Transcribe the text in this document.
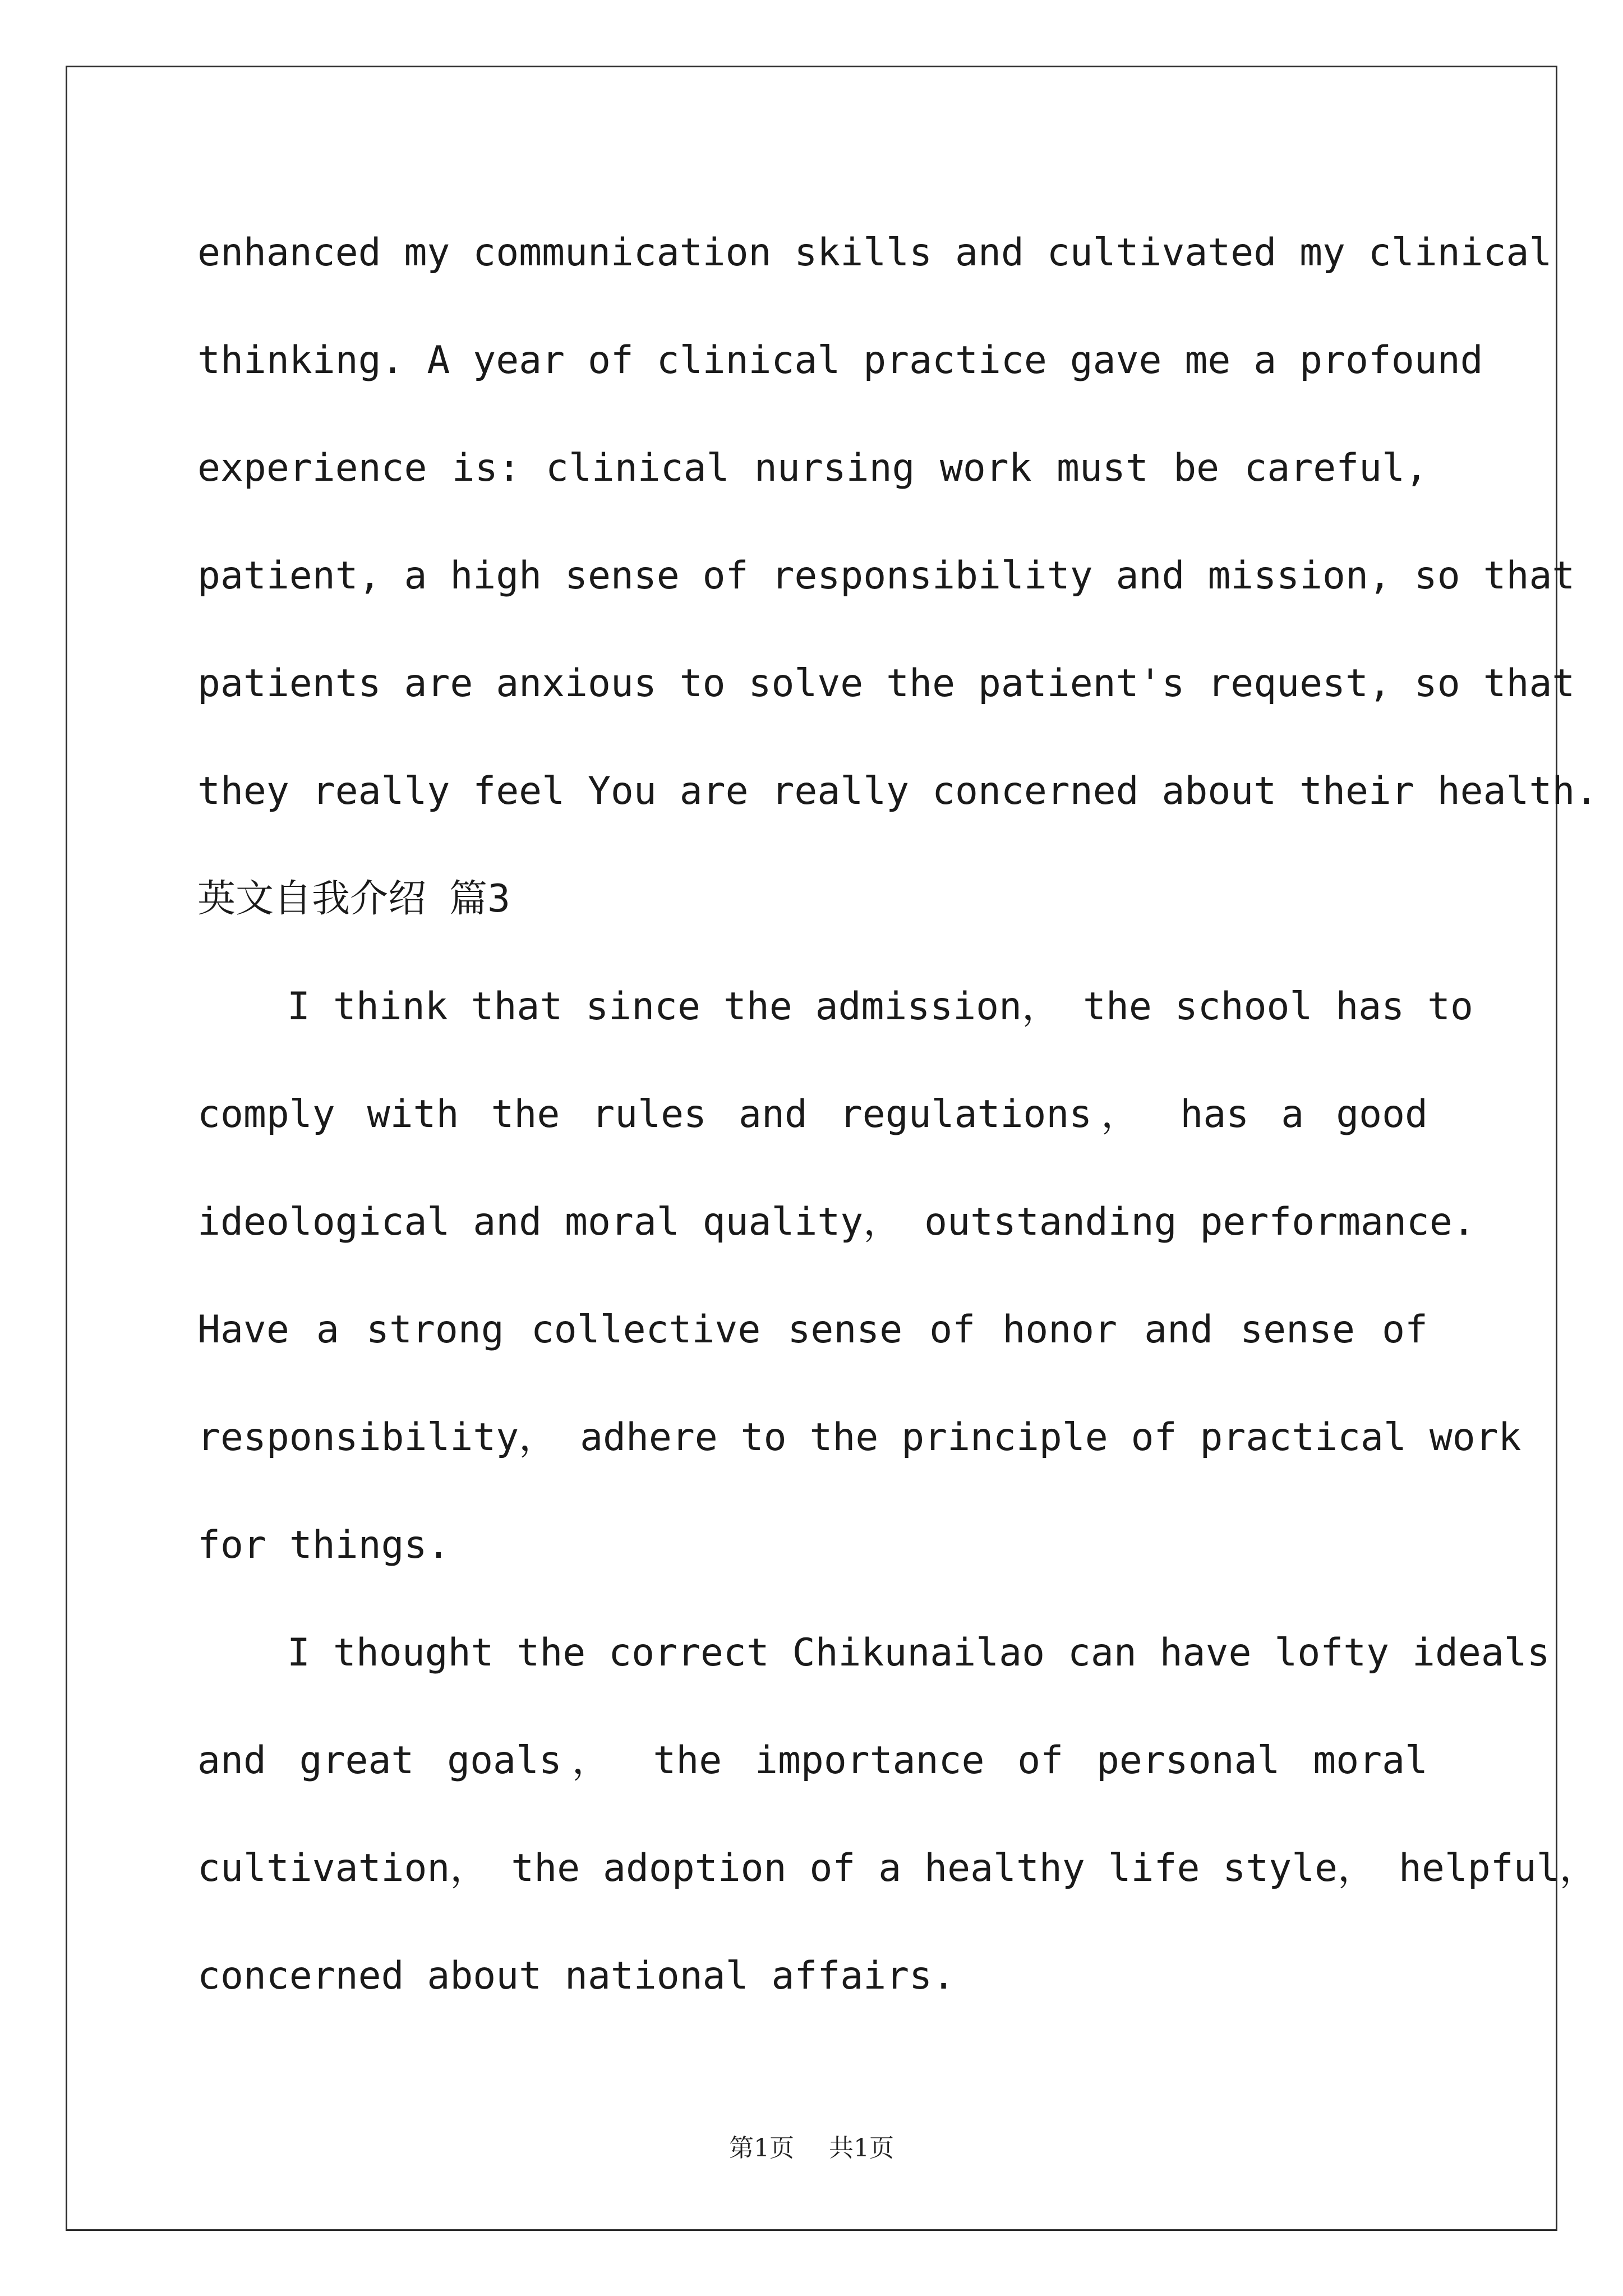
enhanced my communication skills and cultivated my clinical
thinking. A year of clinical practice gave me a profound
experience is: clinical nursing work must be careful,
patient, a high sense of responsibility and mission, so that
patients are anxious to solve the patient's request, so that
they really feel You are really concerned about their health.
英文自我介绍 篇3
I think that since the admission， the school has to
comply with the rules and regulations， has a good
ideological and moral quality， outstanding performance.
Have a strong collective sense of honor and sense of
responsibility， adhere to the principle of practical work
for things.
I thought the correct Chikunailao can have lofty ideals
and great goals， the importance of personal moral
cultivation， the adoption of a healthy life style， helpful，
concerned about national affairs.
第1页 共1页
